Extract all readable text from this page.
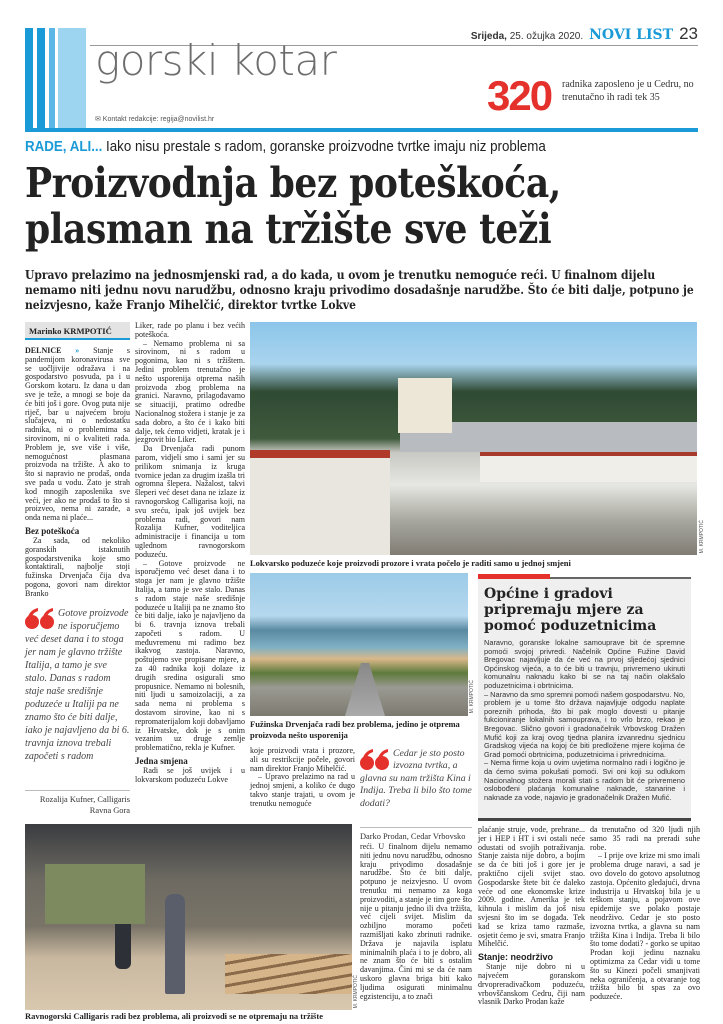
Srijeda, 25. ožujka 2020. NOVI LIST 23
gorski kotar
320 radnika zaposleno je u Cedru, no trenutačno ih radi tek 35
✉ Kontakt redakcije: regija@novilist.hr
RADE, ALI... Iako nisu prestale s radom, goranske proizvodne tvrtke imaju niz problema
Proizvodnja bez poteškoća,
plasman na tržište sve teži
Upravo prelazimo na jednosmjenski rad, a do kada, u ovom je trenutku nemoguće reći. U finalnom dijelu nemamo niti jednu novu narudžbu, odnosno kraju privodimo dosadašnje narudžbe. Što će biti dalje, potpuno je neizvjesno, kaže Franjo Mihelčić, direktor tvrtke Lokve
Marinko KRMPOTIĆ

DELNICE » Stanje s pandemijom koronavirusa sve se uočljivije odražava i na gospodarstvo posvuda, pa i u Gorskom kotaru. Iz dana u dan sve je teže, a mnogi se boje da će biti još i gore. Ovog puta nije riječ, bar u najvećem broju slučajeva, ni o nedostatku radnika, ni o problemima sa sirovinom, ni o kvaliteti rada. Problem je, sve više i više, nemogućnost plasmana proizvoda na tržište. A ako to što si napravio ne prodaš, onda sve pada u vodu. Zato je strah kod mnogih zaposlenika sve veći, jer ako ne prodaš to što si proizveo, nema ni zarade, a onda nema ni plaće...

Bez poteškoća

Za sada, od nekoliko goranskih istaknutih gospodarstvenika koje smo kontaktirali, najbolje stoji fužinska Drvenjača čija dva pogona, govori nam direktor Branko

Gotove proizvode ne isporučjemo već deset dana i to stoga jer nam je glavno tržište Italija, a tamo je sve stalo. Danas s radom staje naše središnje poduzeće u Italiji pa ne znamo što će biti dalje, iako je najavljeno da bi 6. travnja iznova trebali započeti s radom
Rozalija Kufner, Calligaris Ravna Gora

Liker, rade po planu i bez većih poteškoća.

– Nemamo problema ni sa sirovinom, ni s radom u pogonima, kao ni s tržištem. Jedini problem trenutačno je nešto usporenija otprema naših proizvoda zbog problema na granici. Naravno, prilagođavamo se situaciji, pratimo odredbe Nacionalnog stožera i stanje je za sada dobro, a što će i kako biti dalje, tek ćemo vidjeti, kratak je i jezgrovit bio Liker.

Da Drvenjača radi punom parom, vidjeli smo i sami jer su prilikom snimanja iz kruga tvornice jedan za drugim izašla tri ogromna šlepera. Nažalost, takvi šleperi već deset dana ne izlaze iz ravnogorskog Calligarisa koji, na svu sreću, ipak još uvijek bez problema radi, govori nam Rozalija Kufner, voditeljica administracije i financija u tom uglednom ravnogorskom poduzeću.

– Gotove proizvode ne isporučjemo već deset dana i to stoga jer nam je glavno tržište Italija, a tamo je sve stalo. Danas s radom staje naše središnje poduzeće u Italiji pa ne znamo što će biti dalje, iako je najavljeno da bi 6. travnja iznova trebali započeti s radom. U međuvremenu mi radimo bez ikakvog zastoja. Naravno, poštujemo sve propisane mjere, a za 40 radnika koji dolaze iz drugih sredina osigurali smo propusnice. Nemamo ni bolesnih, niti ljudi u samoizolaciji, a za sada nema ni problema s dostavom sirovine, kao ni s repromaterijalom koji dobavljamo iz Hrvatske, dok je s onim vezanim uz druge zemlje problematično, rekla je Kufner.

Jedna smjena

Radi se još uvijek i u lokvarskom poduzeću Lokve

M. KRMPOTIĆ
Lokvarsko poduzeće koje proizvodi prozore i vrata počelo je raditi samo u jednoj smjeni
M. KRMPOTIĆ
Fužinska Drvenjača radi bez problema, jedino je otprema proizvoda nešto usporenija

koje proizvodi vrata i prozore, ali su restrikcije počele, govori nam direktor Franjo Mihelčić.

– Upravo prelazimo na rad u jednoj smjeni, a koliko će dugo takvo stanje trajati, u ovom je trenutku nemoguće

Cedar je sto posto izvozna tvrtka, a glavna su nam tržišta Kina i Indija. Treba li bilo što tome dodati?
Darko Prodan, Cedar Vrbovsko
Općine i gradovi pripremaju mjere za pomoć poduzetnicima

Naravno, goranske lokalne samouprave bit će spremne pomoći svojoj privredi. Načelnik Općine Fužine David Bregovac najavljuje da će već na prvoj sljedećoj sjednici Općinskog vijeća, a to će biti u travnju, privremeno ukinuti komunalnu naknadu kako bi se na taj način olakšalo poduzetnicima i obrtnicima.

– Naravno da smo spremni pomoći našem gospodarstvu. No, problem je u tome što država najavljuje odgodu naplate poreznih prihoda, što bi pak moglo dovesti u pitanje fukcioniranje lokalnih samouprava, i to vrlo brzo, rekao je Bregovac. Slično govori i gradonačelnik Vrbovskog Dražen Mufić koji za kraj ovog tjedna planira izvanrednu sjednicu Gradskog vijeća na kojoj će biti predložene mjere kojima će Grad pomoći obrtnicima, poduzetnicima i privrednicima.

– Nema firme koja u ovim uvjetima normalno radi i logično je da ćemo svima pokušati pomoći. Svi oni koji su odlukom Nacionalnog stožera morali stati s radom bit će privremeno oslobođeni plaćanja komunalne naknade, stanarine i naknade za vode, najavio je gradonačelnik Dražen Mufić.

M. KRMPOTIĆ
Ravnogorski Calligaris radi bez problema, ali proizvodi se ne otpremaju na tržište

reći. U finalnom dijelu nemamo niti jednu novu narudžbu, odnosno kraju privodimo dosadašnje narudžbe. Što će biti dalje, potpuno je neizvjesno. U ovom trenutku mi nemamo za koga proizvoditi, a stanje je tim gore što nije u pitanju jedno ili dva tržišta, već cijeli svijet. Mislim da ozbiljno moramo početi razmišljati kako zbrinuti radnike. Država je najavila isplatu minimalnih plaća i to je dobro, ali ne znam što će biti s ostalim davanjima. Čini mi se da će nam uskoro glavna briga biti kako ljudima osigurati minimalnu egzistenciju, a to znači

plaćanje struje, vode, prehrane... jer i HEP i HT i svi ostali neće odustati od svojih potraživanja. Stanje zaista nije dobro, a bojim se da će biti još i gore jer je praktično cijeli svijet stao. Gospodarske štete bit će daleko veće od one ekonomske krize 2009. godine. Amerika je tek kihnula i mislim da još nisu svjesni što im se događa. Tek kad se kriza tamo razmaše, osjetit ćemo je svi, smatra Franjo Mihelčić.

Stanje: neodrživo

Stanje nije dobro ni u najvećem goranskom drvopreradivačkom poduzeću, vrbovščanskom Cedru, čiji nam vlasnik Darko Prodan kaže

da trenutačno od 320 ljudi njih samo 35 radi na preradi suhe robe.

– I prije ove krize mi smo imali problema druge naravi, a sad je ovo dovelo do gotovo apsolutnog zastoja. Općenito gledajući, drvna industrija u Hrvatskoj bila je u teškom stanju, a pojavom ove epidemije sve polako postaje neodrživo. Cedar je sto posto izvozna tvrtka, a glavna su nam tržišta Kina i Indija. Treba li bilo što tome dodati? - gorko se upitao Prodan koji jedinu naznaku optimizma za Cedar vidi u tome što su Kinezi počeli smanjivati neka ograničenja, a otvaranje tog tržišta bilo bi spas za ovo poduzeće.
